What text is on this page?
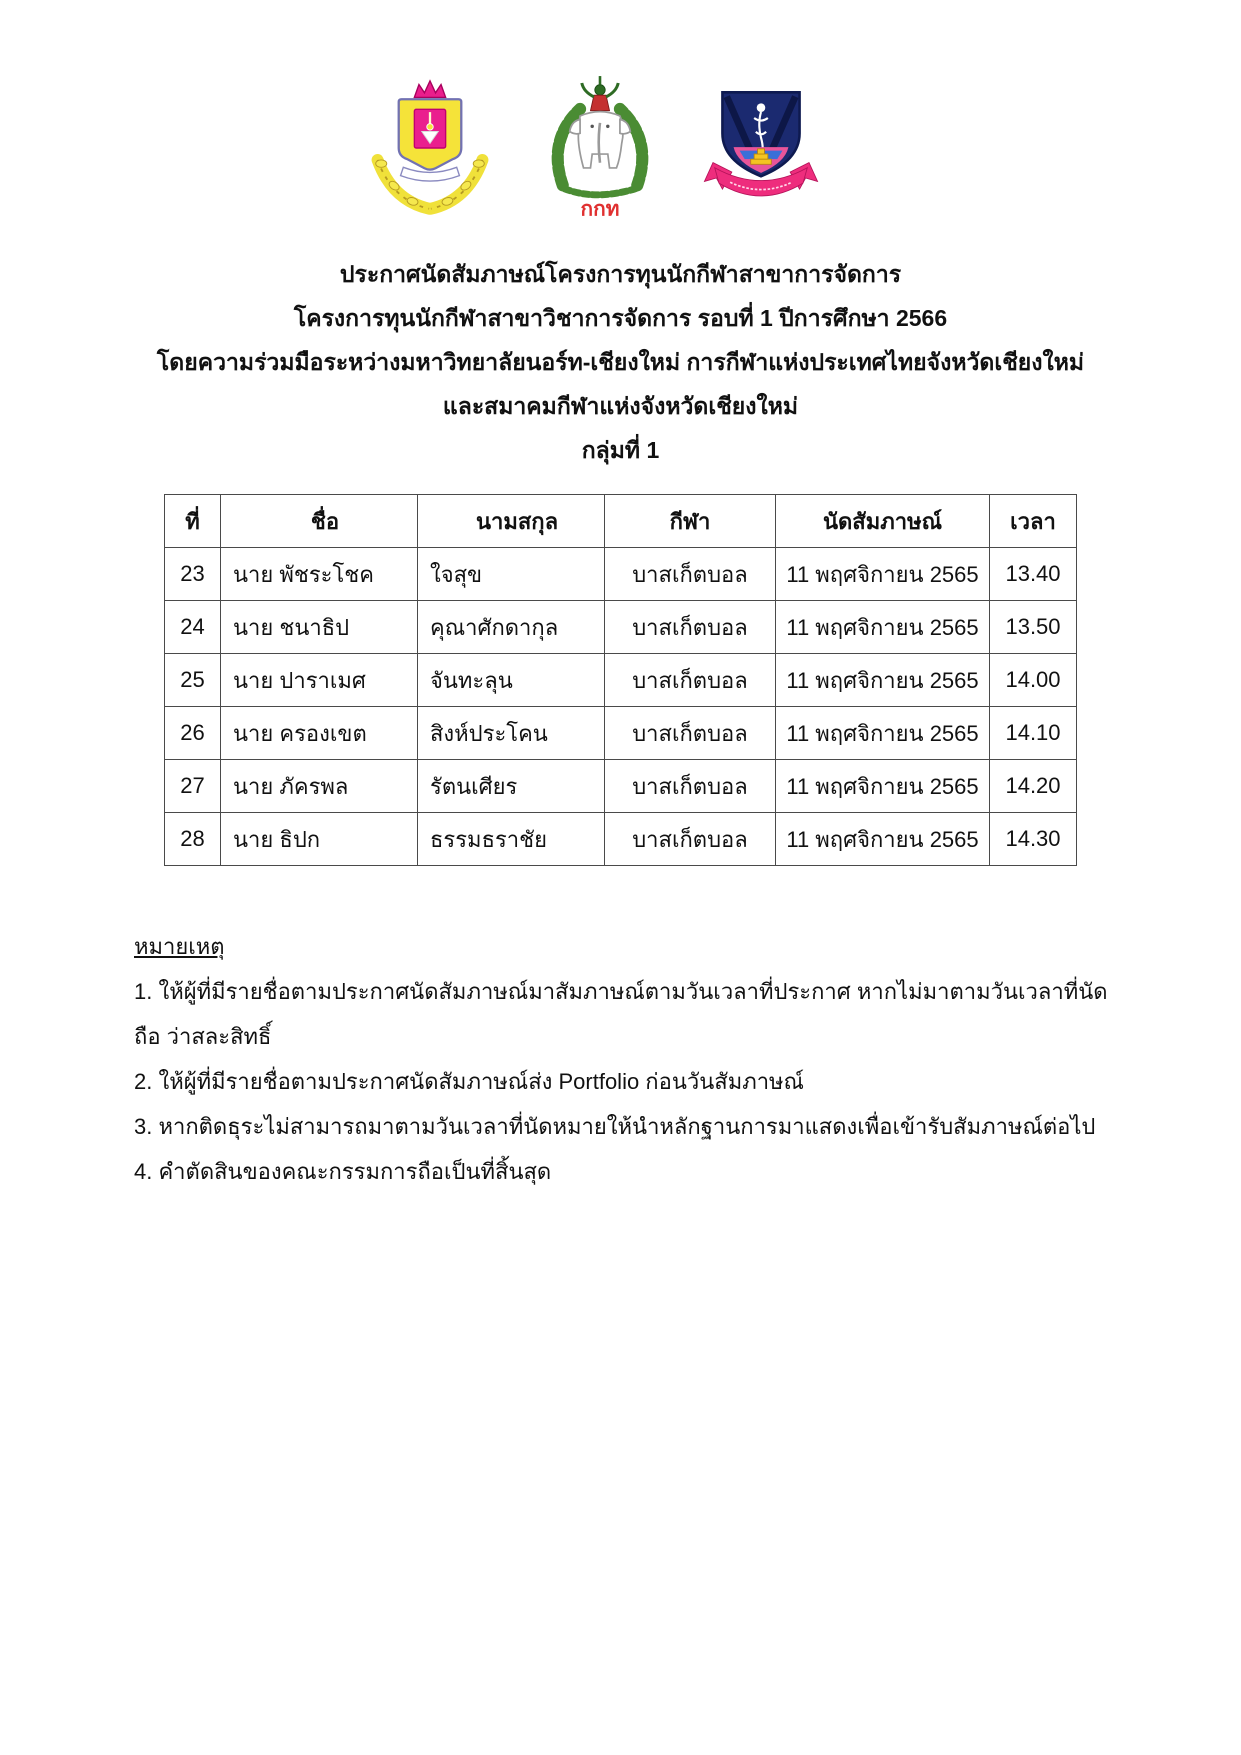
กกท
ประกาศนัดสัมภาษณ์โครงการทุนนักกีฬาสาขาการจัดการ
โครงการทุนนักกีฬาสาขาวิชาการจัดการ รอบที่ 1 ปีการศึกษา 2566
โดยความร่วมมือระหว่างมหาวิทยาลัยนอร์ท-เชียงใหม่ การกีฬาแห่งประเทศไทยจังหวัดเชียงใหม่
และสมาคมกีฬาแห่งจังหวัดเชียงใหม่
กลุ่มที่ 1
ที่	ชื่อ	นามสกุล	กีฬา	นัดสัมภาษณ์	เวลา
23	นาย พัชระโชค	ใจสุข	บาสเก็ตบอล	11 พฤศจิกายน 2565	13.40
24	นาย ชนาธิป	คุณาศักดากุล	บาสเก็ตบอล	11 พฤศจิกายน 2565	13.50
25	นาย ปาราเมศ	จันทะลุน	บาสเก็ตบอล	11 พฤศจิกายน 2565	14.00
26	นาย ครองเขต	สิงห์ประโคน	บาสเก็ตบอล	11 พฤศจิกายน 2565	14.10
27	นาย ภัครพล	รัตนเศียร	บาสเก็ตบอล	11 พฤศจิกายน 2565	14.20
28	นาย ธิปก	ธรรมธราชัย	บาสเก็ตบอล	11 พฤศจิกายน 2565	14.30
หมายเหตุ
1. ให้ผู้ที่มีรายชื่อตามประกาศนัดสัมภาษณ์มาสัมภาษณ์ตามวันเวลาที่ประกาศ หากไม่มาตามวันเวลาที่นัดถือ ว่าสละสิทธิ์
2. ให้ผู้ที่มีรายชื่อตามประกาศนัดสัมภาษณ์ส่ง Portfolio ก่อนวันสัมภาษณ์
3. หากติดธุระไม่สามารถมาตามวันเวลาที่นัดหมายให้นำหลักฐานการมาแสดงเพื่อเข้ารับสัมภาษณ์ต่อไป
4. คำตัดสินของคณะกรรมการถือเป็นที่สิ้นสุด
